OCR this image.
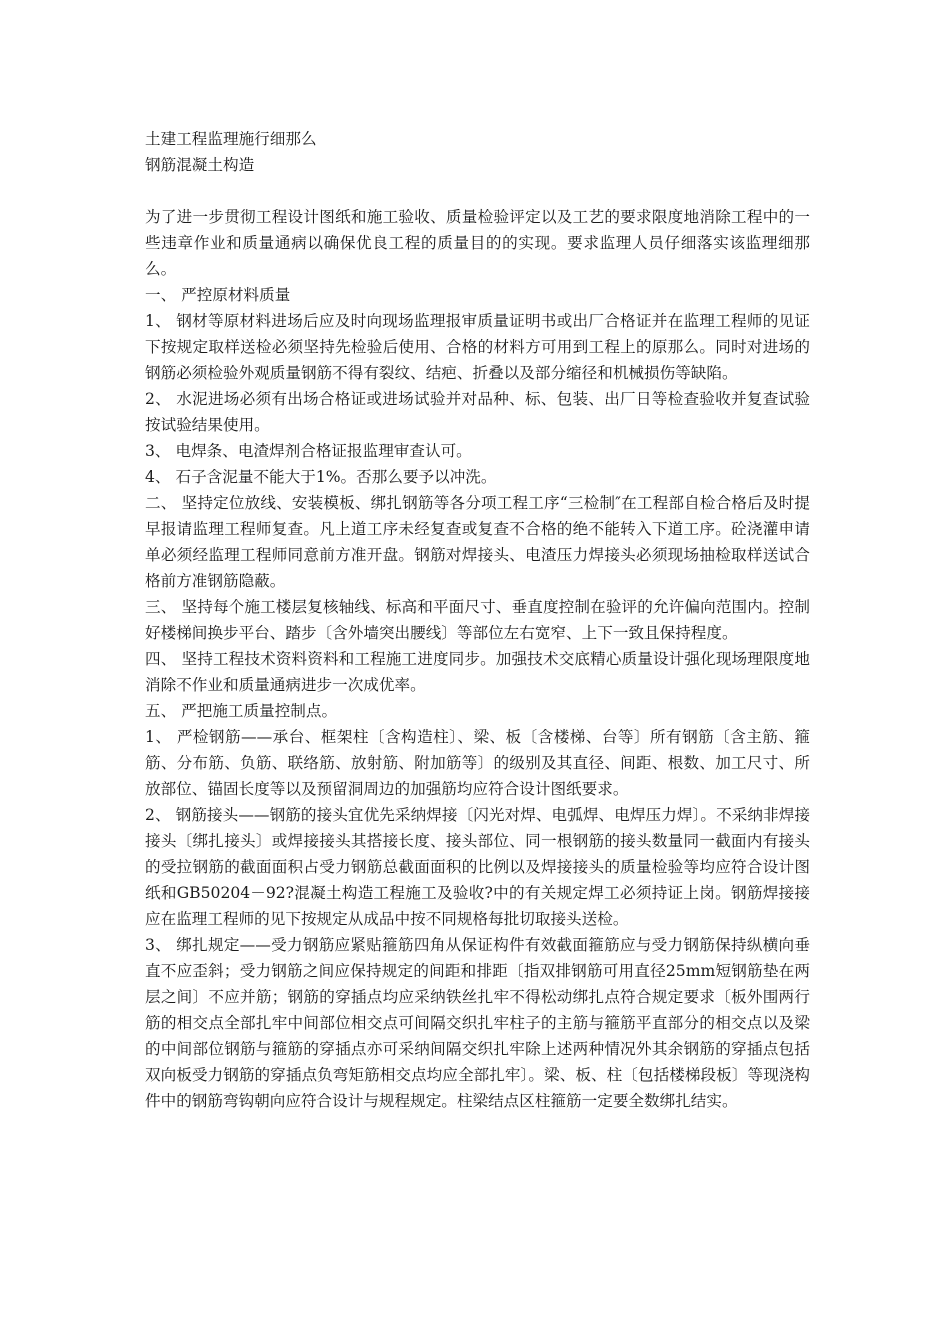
土建工程监理施行细那么
钢筋混凝土构造

为了进一步贯彻工程设计图纸和施工验收、质量检验评定以及工艺的要求限度地消除工程中的一些违章作业和质量通病以确保优良工程的质量目的的实现。要求监理人员仔细落实该监理细那么。

一、 严控原材料质量

1、 钢材等原材料进场后应及时向现场监理报审质量证明书或出厂合格证并在监理工程师的见证下按规定取样送检必须坚持先检验后使用、合格的材料方可用到工程上的原那么。同时对进场的钢筋必须检验外观质量钢筋不得有裂纹、结疤、折叠以及部分缩径和机械损伤等缺陷。

2、 水泥进场必须有出场合格证或进场试验并对品种、标、包装、出厂日等检查验收并复查试验按试验结果使用。

3、 电焊条、电渣焊剂合格证报监理审查认可。

4、 石子含泥量不能大于1%。否那么要予以冲洗。

二、 坚持定位放线、安装模板、绑扎钢筋等各分项工程工序“三检制″在工程部自检合格后及时提早报请监理工程师复查。凡上道工序未经复查或复查不合格的绝不能转入下道工序。砼浇灌申请单必须经监理工程师同意前方准开盘。钢筋对焊接头、电渣压力焊接头必须现场抽检取样送试合格前方准钢筋隐蔽。

三、 坚持每个施工楼层复核轴线、标高和平面尺寸、垂直度控制在验评的允许偏向范围内。控制好楼梯间换步平台、踏步〔含外墙突出腰线〕等部位左右宽窄、上下一致且保持程度。

四、 坚持工程技术资料资料和工程施工进度同步。加强技术交底精心质量设计强化现场理限度地消除不作业和质量通病进步一次成优率。

五、 严把施工质量控制点。

1、 严检钢筋——承台、框架柱〔含构造柱〕、梁、板〔含楼梯、台等〕所有钢筋〔含主筋、箍筋、分布筋、负筋、联络筋、放射筋、附加筋等〕的级别及其直径、间距、根数、加工尺寸、所放部位、锚固长度等以及预留洞周边的加强筋均应符合设计图纸要求。

2、 钢筋接头——钢筋的接头宜优先采纳焊接〔闪光对焊、电弧焊、电焊压力焊〕。不采纳非焊接接头〔绑扎接头〕或焊接接头其搭接长度、接头部位、同一根钢筋的接头数量同一截面内有接头的受拉钢筋的截面面积占受力钢筋总截面面积的比例以及焊接接头的质量检验等均应符合设计图纸和GB50204－92?混凝土构造工程施工及验收?中的有关规定焊工必须持证上岗。钢筋焊接接应在监理工程师的见下按规定从成品中按不同规格每批切取接头送检。

3、 绑扎规定——受力钢筋应紧贴箍筋四角从保证构件有效截面箍筋应与受力钢筋保持纵横向垂直不应歪斜；受力钢筋之间应保持规定的间距和排距〔指双排钢筋可用直径25mm短钢筋垫在两层之间〕不应并筋；钢筋的穿插点均应采纳铁丝扎牢不得松动绑扎点符合规定要求〔板外围两行筋的相交点全部扎牢中间部位相交点可间隔交织扎牢柱子的主筋与箍筋平直部分的相交点以及梁的中间部位钢筋与箍筋的穿插点亦可采纳间隔交织扎牢除上述两种情况外其余钢筋的穿插点包括双向板受力钢筋的穿插点负弯矩筋相交点均应全部扎牢〕。梁、板、柱〔包括楼梯段板〕等现浇构件中的钢筋弯钩朝向应符合设计与规程规定。柱梁结点区柱箍筋一定要全数绑扎结实。
